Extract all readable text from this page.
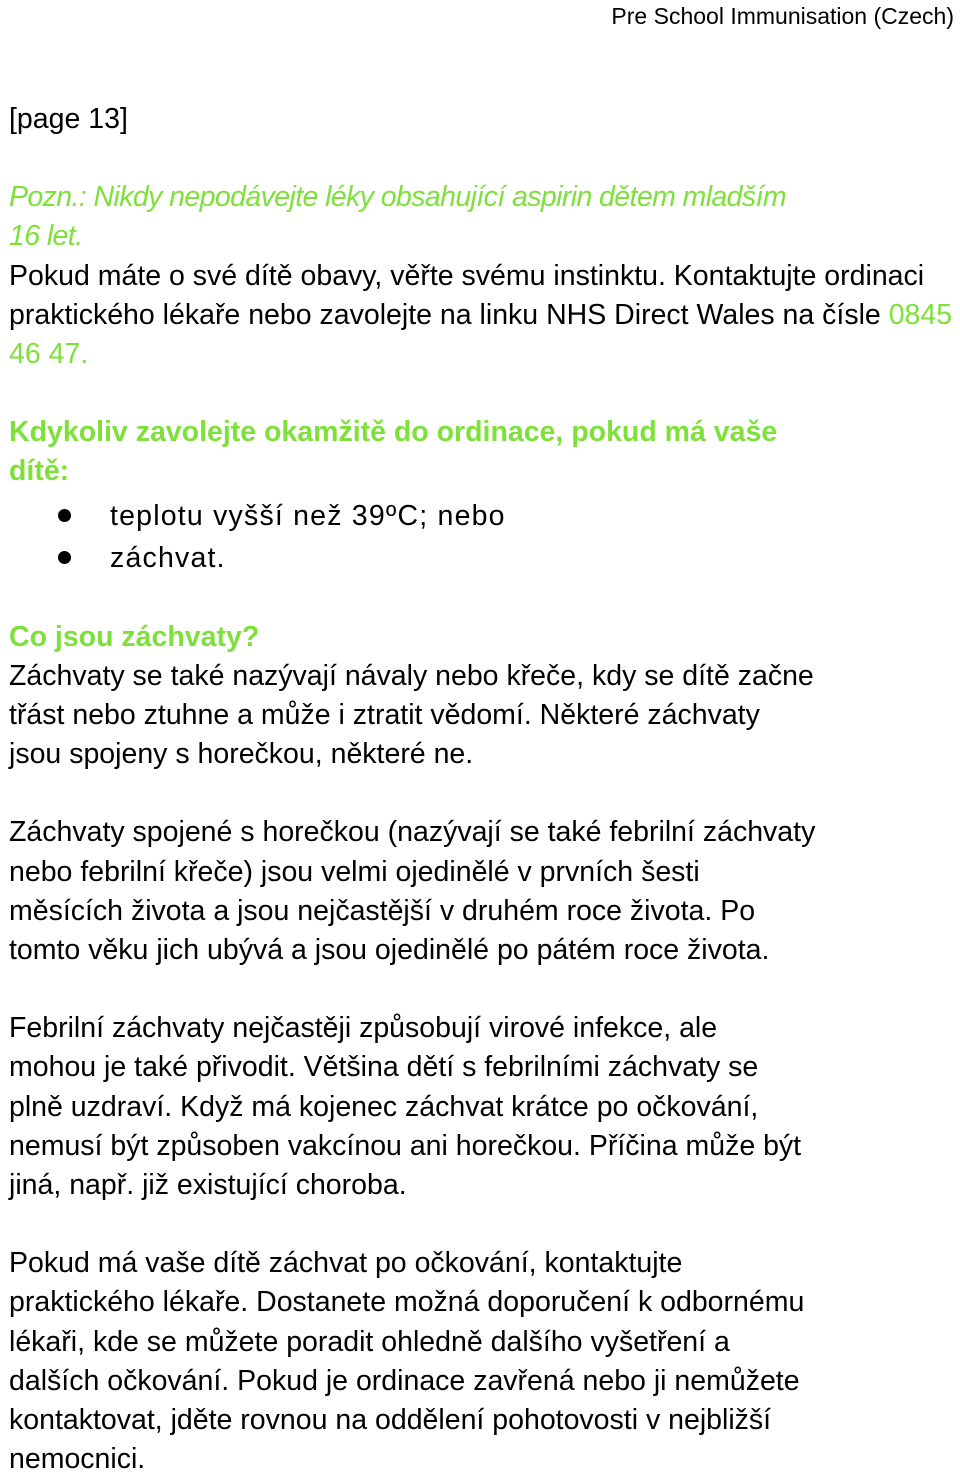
Pre School Immunisation (Czech)

[page 13]

Pozn.: Nikdy nepodávejte léky obsahující aspirin dětem mladším

16 let.

Pokud máte o své dítě obavy, věřte svému instinktu. Kontaktujte ordinaci praktického lékaře nebo zavolejte na linku NHS Direct Wales na čísle 0845 46 47.

Kdykoliv zavolejte okamžitě do ordinace, pokud má vaše

dítě:

teplotu vyšší než 39ºC; nebo
záchvat.

Co jsou záchvaty?

Záchvaty se také nazývají návaly nebo křeče, kdy se dítě začne

třást nebo ztuhne a může i ztratit vědomí. Některé záchvaty

jsou spojeny s horečkou, některé ne.

Záchvaty spojené s horečkou (nazývají se také febrilní záchvaty

nebo febrilní křeče) jsou velmi ojedinělé v prvních šesti

měsících života a jsou nejčastější v druhém roce života. Po

tomto věku jich ubývá a jsou ojedinělé po pátém roce života.

Febrilní záchvaty nejčastěji způsobují virové infekce, ale

mohou je také přivodit. Většina dětí s febrilními záchvaty se

plně uzdraví. Když má kojenec záchvat krátce po očkování,

nemusí být způsoben vakcínou ani horečkou. Příčina může být

jiná, např. již existující choroba.

Pokud má vaše dítě záchvat po očkování, kontaktujte

praktického lékaře. Dostanete možná doporučení k odbornému

lékaři, kde se můžete poradit ohledně dalšího vyšetření a

dalších očkování. Pokud je ordinace zavřená nebo ji nemůžete

kontaktovat, jděte rovnou na oddělení pohotovosti v nejbližší

nemocnici.
